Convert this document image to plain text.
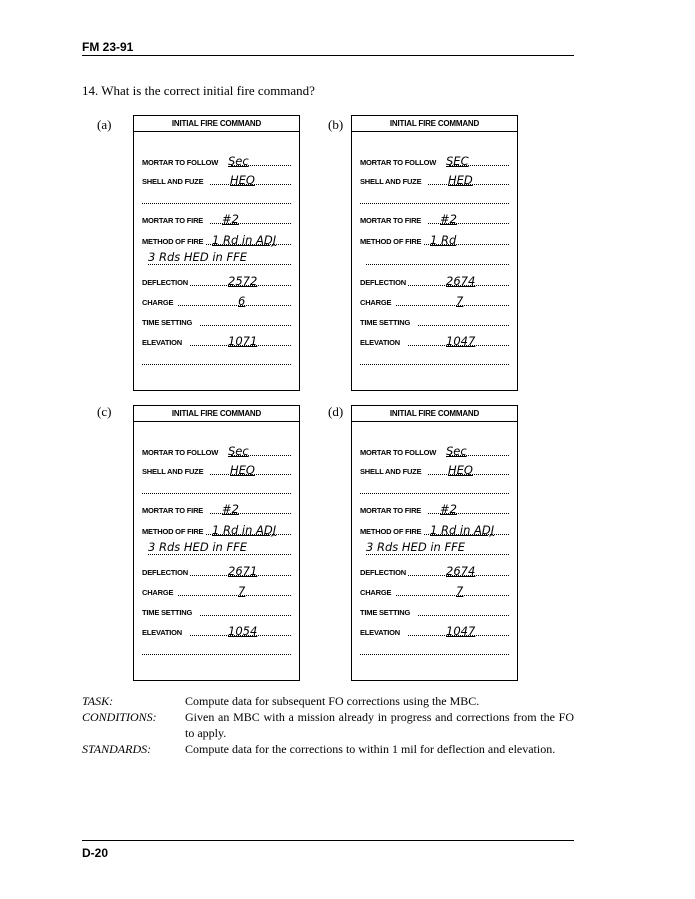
FM 23-91
14. What is the correct initial fire command?
(a)	(b)
(c)	(d)
INITIAL FIRE COMMAND
MORTAR TO FOLLOW Sec
SHELL AND FUZE HEQ
MORTAR TO FIRE #2
METHOD OF FIRE 1 Rd in ADJ
3 Rds HED in FFE
DEFLECTION	2572
CHARGE	6
TIME SETTING
ELEVATION	1071
INITIAL FIRE COMMAND
MORTAR TO FOLLOW SEC
SHELL AND FUZE HED
MORTAR TO FIRE #2
METHOD OF FIRE 1 Rd

DEFLECTION	2674
CHARGE	7
TIME SETTING
ELEVATION	1047
INITIAL FIRE COMMAND
MORTAR TO FOLLOW Sec
SHELL AND FUZE HEQ
MORTAR TO FIRE #2
METHOD OF FIRE 1 Rd in ADJ
3 Rds HED in FFE
DEFLECTION	2671
CHARGE	7
TIME SETTING
ELEVATION	1054
INITIAL FIRE COMMAND
MORTAR TO FOLLOW Sec
SHELL AND FUZE HEQ
MORTAR TO FIRE #2
METHOD OF FIRE 1 Rd in ADJ
3 Rds HED in FFE
DEFLECTION	2674
CHARGE	7
TIME SETTING
ELEVATION	1047
TASK:	Compute data for subsequent FO corrections using the MBC.
CONDITIONS:	Given an MBC with a mission already in progress and corrections from the FO to apply.
STANDARDS:	Compute data for the corrections to within 1 mil for deflection and elevation.
D-20
